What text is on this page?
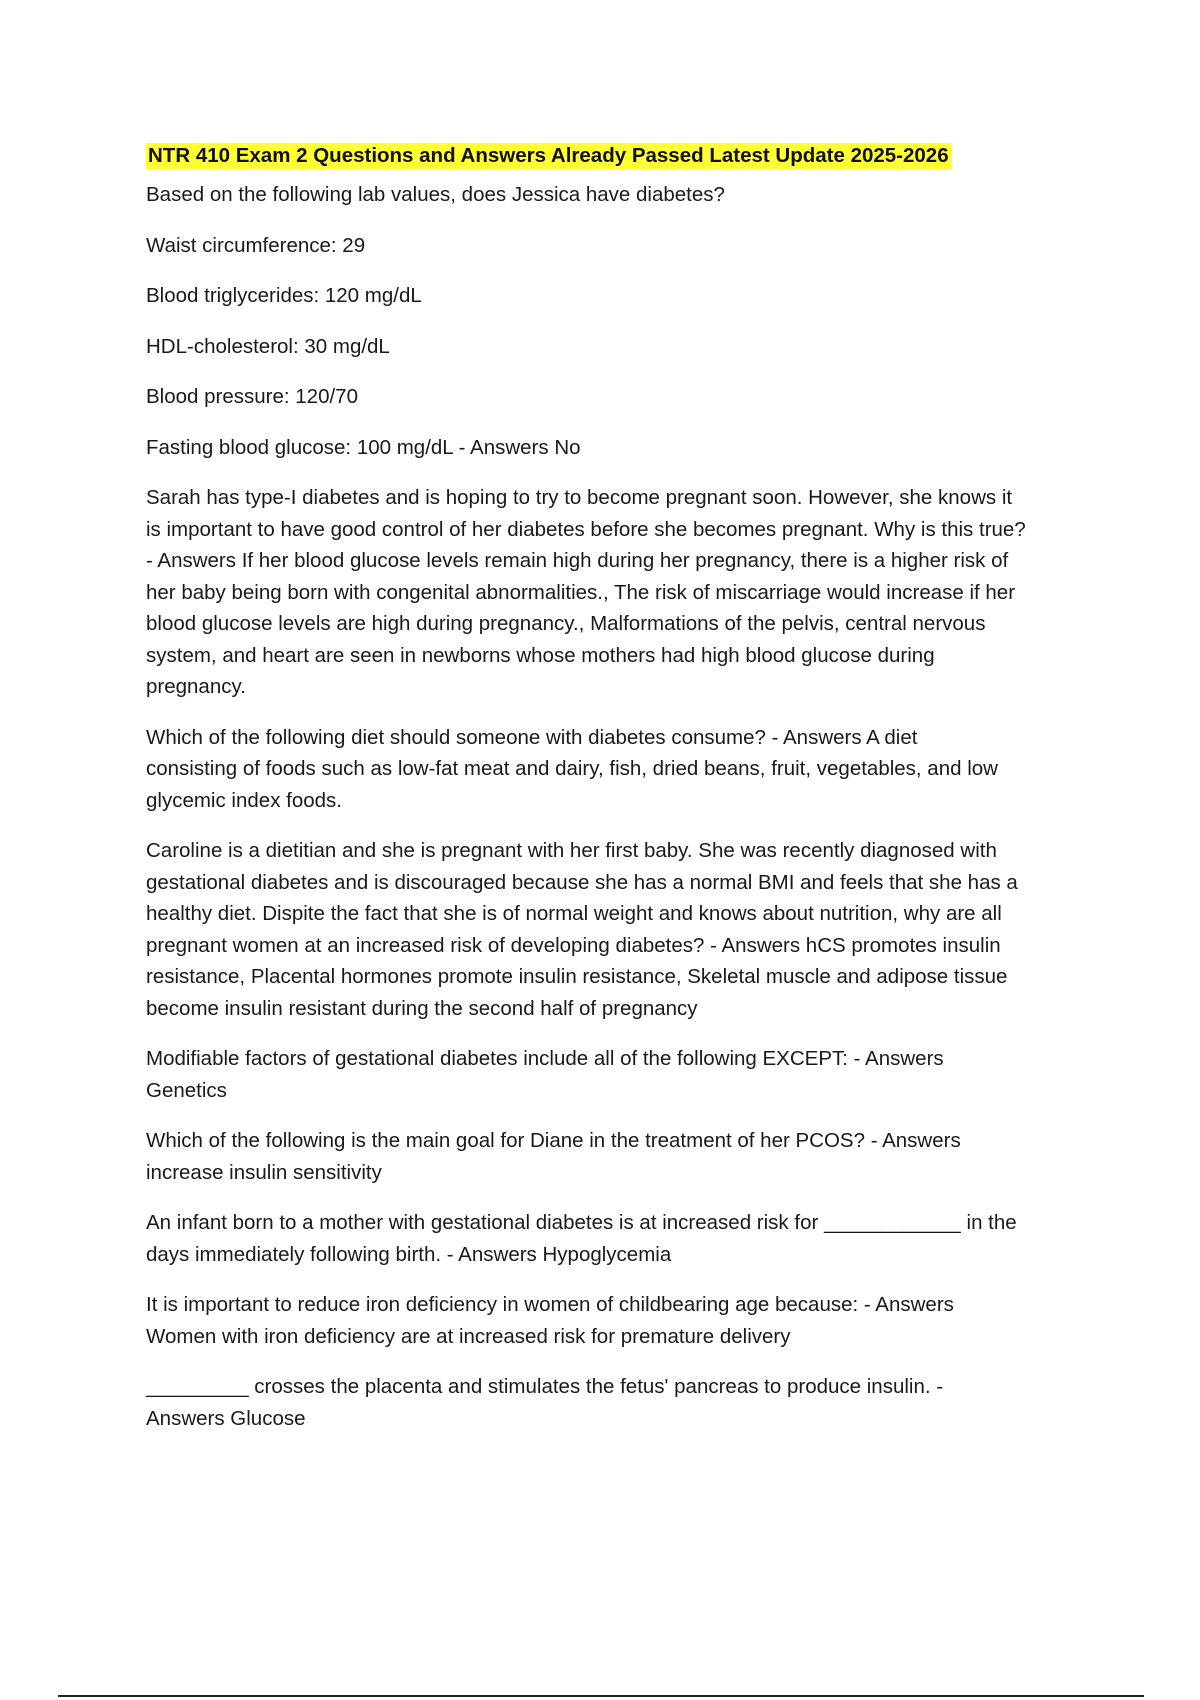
NTR 410 Exam 2 Questions and Answers Already Passed Latest Update 2025-2026
Based on the following lab values, does Jessica have diabetes?
Waist circumference: 29
Blood triglycerides: 120 mg/dL
HDL-cholesterol: 30 mg/dL
Blood pressure: 120/70
Fasting blood glucose: 100 mg/dL - Answers No
Sarah has type-I diabetes and is hoping to try to become pregnant soon. However, she knows it
is important to have good control of her diabetes before she becomes pregnant. Why is this true?
- Answers If her blood glucose levels remain high during her pregnancy, there is a higher risk of
her baby being born with congenital abnormalities., The risk of miscarriage would increase if her
blood glucose levels are high during pregnancy., Malformations of the pelvis, central nervous
system, and heart are seen in newborns whose mothers had high blood glucose during
pregnancy.
Which of the following diet should someone with diabetes consume? - Answers A diet
consisting of foods such as low-fat meat and dairy, fish, dried beans, fruit, vegetables, and low
glycemic index foods.
Caroline is a dietitian and she is pregnant with her first baby. She was recently diagnosed with
gestational diabetes and is discouraged because she has a normal BMI and feels that she has a
healthy diet. Dispite the fact that she is of normal weight and knows about nutrition, why are all
pregnant women at an increased risk of developing diabetes? - Answers hCS promotes insulin
resistance, Placental hormones promote insulin resistance, Skeletal muscle and adipose tissue
become insulin resistant during the second half of pregnancy
Modifiable factors of gestational diabetes include all of the following EXCEPT: - Answers
Genetics
Which of the following is the main goal for Diane in the treatment of her PCOS? - Answers
increase insulin sensitivity
An infant born to a mother with gestational diabetes is at increased risk for ____________ in the
days immediately following birth. - Answers Hypoglycemia
It is important to reduce iron deficiency in women of childbearing age because: - Answers
Women with iron deficiency are at increased risk for premature delivery
_________ crosses the placenta and stimulates the fetus' pancreas to produce insulin. -
Answers Glucose
